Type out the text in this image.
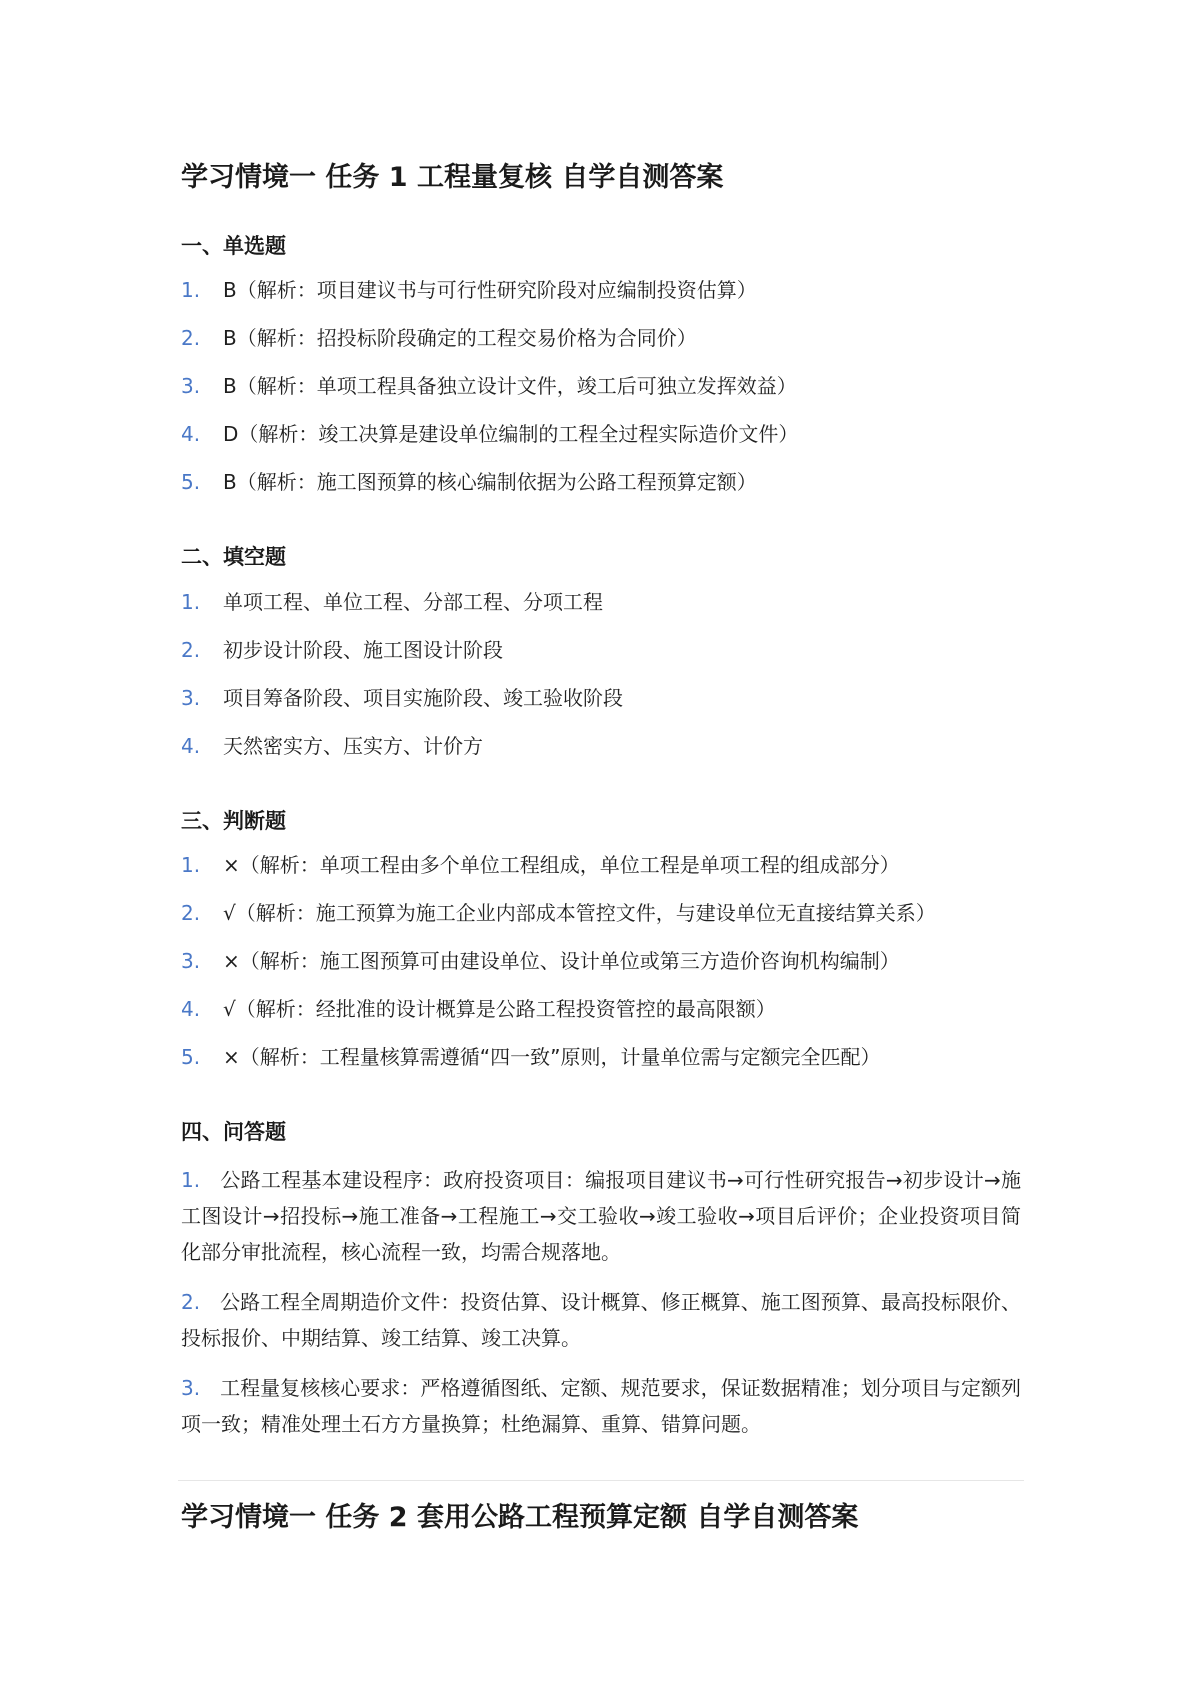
学习情境一 任务 1 工程量复核 自学自测答案
一、单选题
1. B（解析：项目建议书与可行性研究阶段对应编制投资估算）
2. B（解析：招投标阶段确定的工程交易价格为合同价）
3. B（解析：单项工程具备独立设计文件，竣工后可独立发挥效益）
4. D（解析：竣工决算是建设单位编制的工程全过程实际造价文件）
5. B（解析：施工图预算的核心编制依据为公路工程预算定额）
二、填空题
1. 单项工程、单位工程、分部工程、分项工程
2. 初步设计阶段、施工图设计阶段
3. 项目筹备阶段、项目实施阶段、竣工验收阶段
4. 天然密实方、压实方、计价方
三、判断题
1. ×（解析：单项工程由多个单位工程组成，单位工程是单项工程的组成部分）
2. √（解析：施工预算为施工企业内部成本管控文件，与建设单位无直接结算关系）
3. ×（解析：施工图预算可由建设单位、设计单位或第三方造价咨询机构编制）
4. √（解析：经批准的设计概算是公路工程投资管控的最高限额）
5. ×（解析：工程量核算需遵循“四一致”原则，计量单位需与定额完全匹配）
四、问答题
1. 公路工程基本建设程序：政府投资项目：编报项目建议书→可行性研究报告→初步设计→施工图设计→招投标→施工准备→工程施工→交工验收→竣工验收→项目后评价；企业投资项目简化部分审批流程，核心流程一致，均需合规落地。
2. 公路工程全周期造价文件：投资估算、设计概算、修正概算、施工图预算、最高投标限价、投标报价、中期结算、竣工结算、竣工决算。
3. 工程量复核核心要求：严格遵循图纸、定额、规范要求，保证数据精准；划分项目与定额列项一致；精准处理土石方方量换算；杜绝漏算、重算、错算问题。
学习情境一 任务 2 套用公路工程预算定额 自学自测答案
